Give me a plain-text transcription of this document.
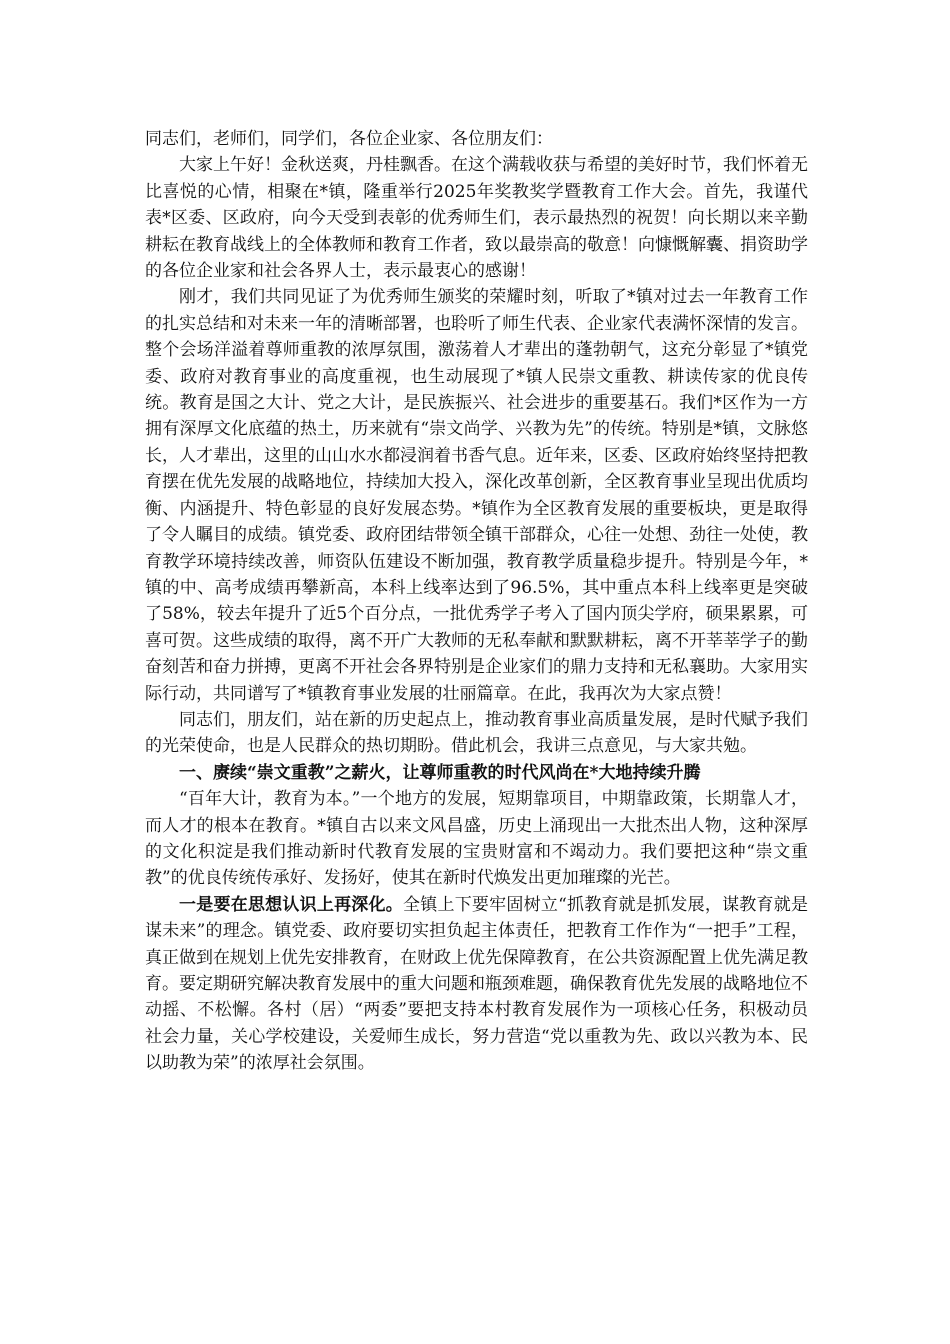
同志们，老师们，同学们，各位企业家、各位朋友们：

大家上午好！金秋送爽，丹桂飘香。在这个满载收获与希望的美好时节，我们怀着无比喜悦的心情，相聚在*镇，隆重举行2025年奖教奖学暨教育工作大会。首先，我谨代表*区委、区政府，向今天受到表彰的优秀师生们，表示最热烈的祝贺！向长期以来辛勤耕耘在教育战线上的全体教师和教育工作者，致以最崇高的敬意！向慷慨解囊、捐资助学的各位企业家和社会各界人士，表示最衷心的感谢！

刚才，我们共同见证了为优秀师生颁奖的荣耀时刻，听取了*镇对过去一年教育工作的扎实总结和对未来一年的清晰部署，也聆听了师生代表、企业家代表满怀深情的发言。整个会场洋溢着尊师重教的浓厚氛围，激荡着人才辈出的蓬勃朝气，这充分彰显了*镇党委、政府对教育事业的高度重视，也生动展现了*镇人民崇文重教、耕读传家的优良传统。教育是国之大计、党之大计，是民族振兴、社会进步的重要基石。我们*区作为一方拥有深厚文化底蕴的热土，历来就有“崇文尚学、兴教为先”的传统。特别是*镇，文脉悠长，人才辈出，这里的山山水水都浸润着书香气息。近年来，区委、区政府始终坚持把教育摆在优先发展的战略地位，持续加大投入，深化改革创新，全区教育事业呈现出优质均衡、内涵提升、特色彰显的良好发展态势。*镇作为全区教育发展的重要板块，更是取得了令人瞩目的成绩。镇党委、政府团结带领全镇干部群众，心往一处想、劲往一处使，教育教学环境持续改善，师资队伍建设不断加强，教育教学质量稳步提升。特别是今年，*镇的中、高考成绩再攀新高，本科上线率达到了96.5%，其中重点本科上线率更是突破了58%，较去年提升了近5个百分点，一批优秀学子考入了国内顶尖学府，硕果累累，可喜可贺。这些成绩的取得，离不开广大教师的无私奉献和默默耕耘，离不开莘莘学子的勤奋刻苦和奋力拼搏，更离不开社会各界特别是企业家们的鼎力支持和无私襄助。大家用实际行动，共同谱写了*镇教育事业发展的壮丽篇章。在此，我再次为大家点赞！

同志们，朋友们，站在新的历史起点上，推动教育事业高质量发展，是时代赋予我们的光荣使命，也是人民群众的热切期盼。借此机会，我讲三点意见，与大家共勉。

一、赓续“崇文重教”之薪火，让尊师重教的时代风尚在*大地持续升腾

“百年大计，教育为本。”一个地方的发展，短期靠项目，中期靠政策，长期靠人才，而人才的根本在教育。*镇自古以来文风昌盛，历史上涌现出一大批杰出人物，这种深厚的文化积淀是我们推动新时代教育发展的宝贵财富和不竭动力。我们要把这种“崇文重教”的优良传统传承好、发扬好，使其在新时代焕发出更加璀璨的光芒。

一是要在思想认识上再深化。全镇上下要牢固树立“抓教育就是抓发展，谋教育就是谋未来”的理念。镇党委、政府要切实担负起主体责任，把教育工作作为“一把手”工程，真正做到在规划上优先安排教育，在财政上优先保障教育，在公共资源配置上优先满足教育。要定期研究解决教育发展中的重大问题和瓶颈难题，确保教育优先发展的战略地位不动摇、不松懈。各村（居）“两委”要把支持本村教育发展作为一项核心任务，积极动员社会力量，关心学校建设，关爱师生成长，努力营造“党以重教为先、政以兴教为本、民以助教为荣”的浓厚社会氛围。
